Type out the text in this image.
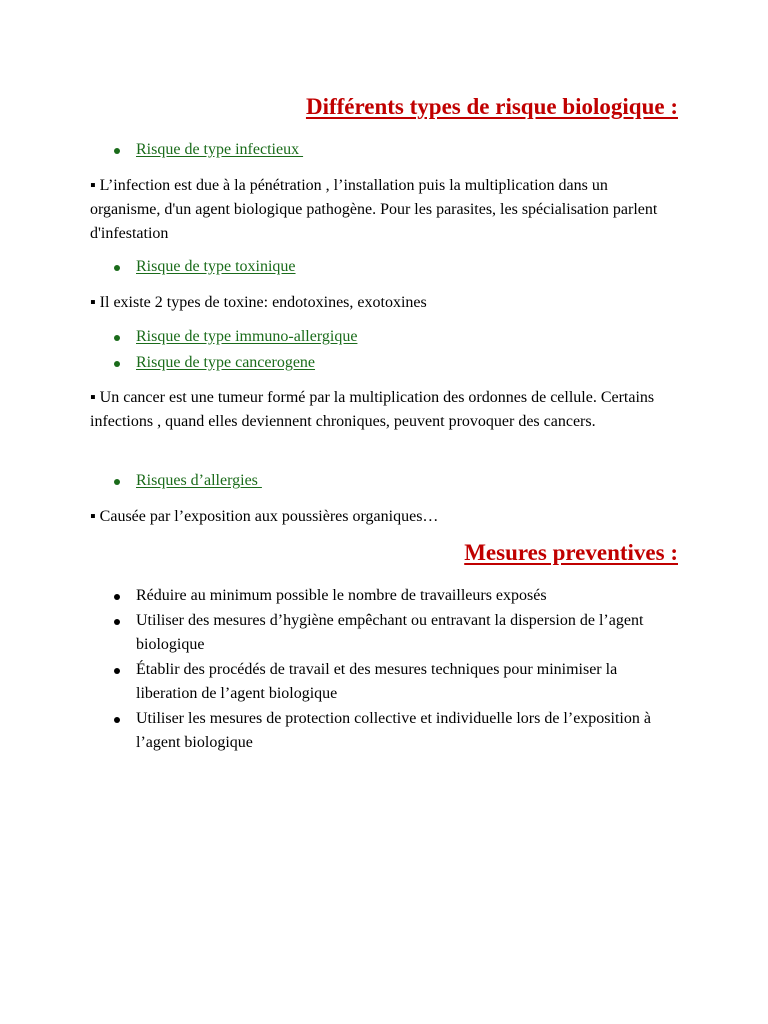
Différents types de risque biologique :
Risque de type infectieux

▪ L’infection est due à la pénétration , l’installation puis la multiplication dans un organisme, d'un agent biologique pathogène. Pour les parasites, les spécialisation parlent d'infestation

Risque de type toxinique

▪ Il existe 2 types de toxine: endotoxines, exotoxines

Risque de type immuno-allergique
Risque de type cancerogene

▪ Un cancer est une tumeur formé par la multiplication des ordonnes de cellule. Certains infections , quand elles deviennent chroniques, peuvent provoquer des cancers.

Risques d’allergies

▪ Causée par l’exposition aux poussières organiques…

Mesures preventives :
Réduire au minimum possible le nombre de travailleurs exposés
Utiliser des mesures d’hygiène empêchant ou entravant la dispersion de l’agent biologique
Établir des procédés de travail et des mesures techniques pour minimiser la liberation de l’agent biologique
Utiliser les mesures de protection collective et individuelle lors de l’exposition à l’agent biologique
